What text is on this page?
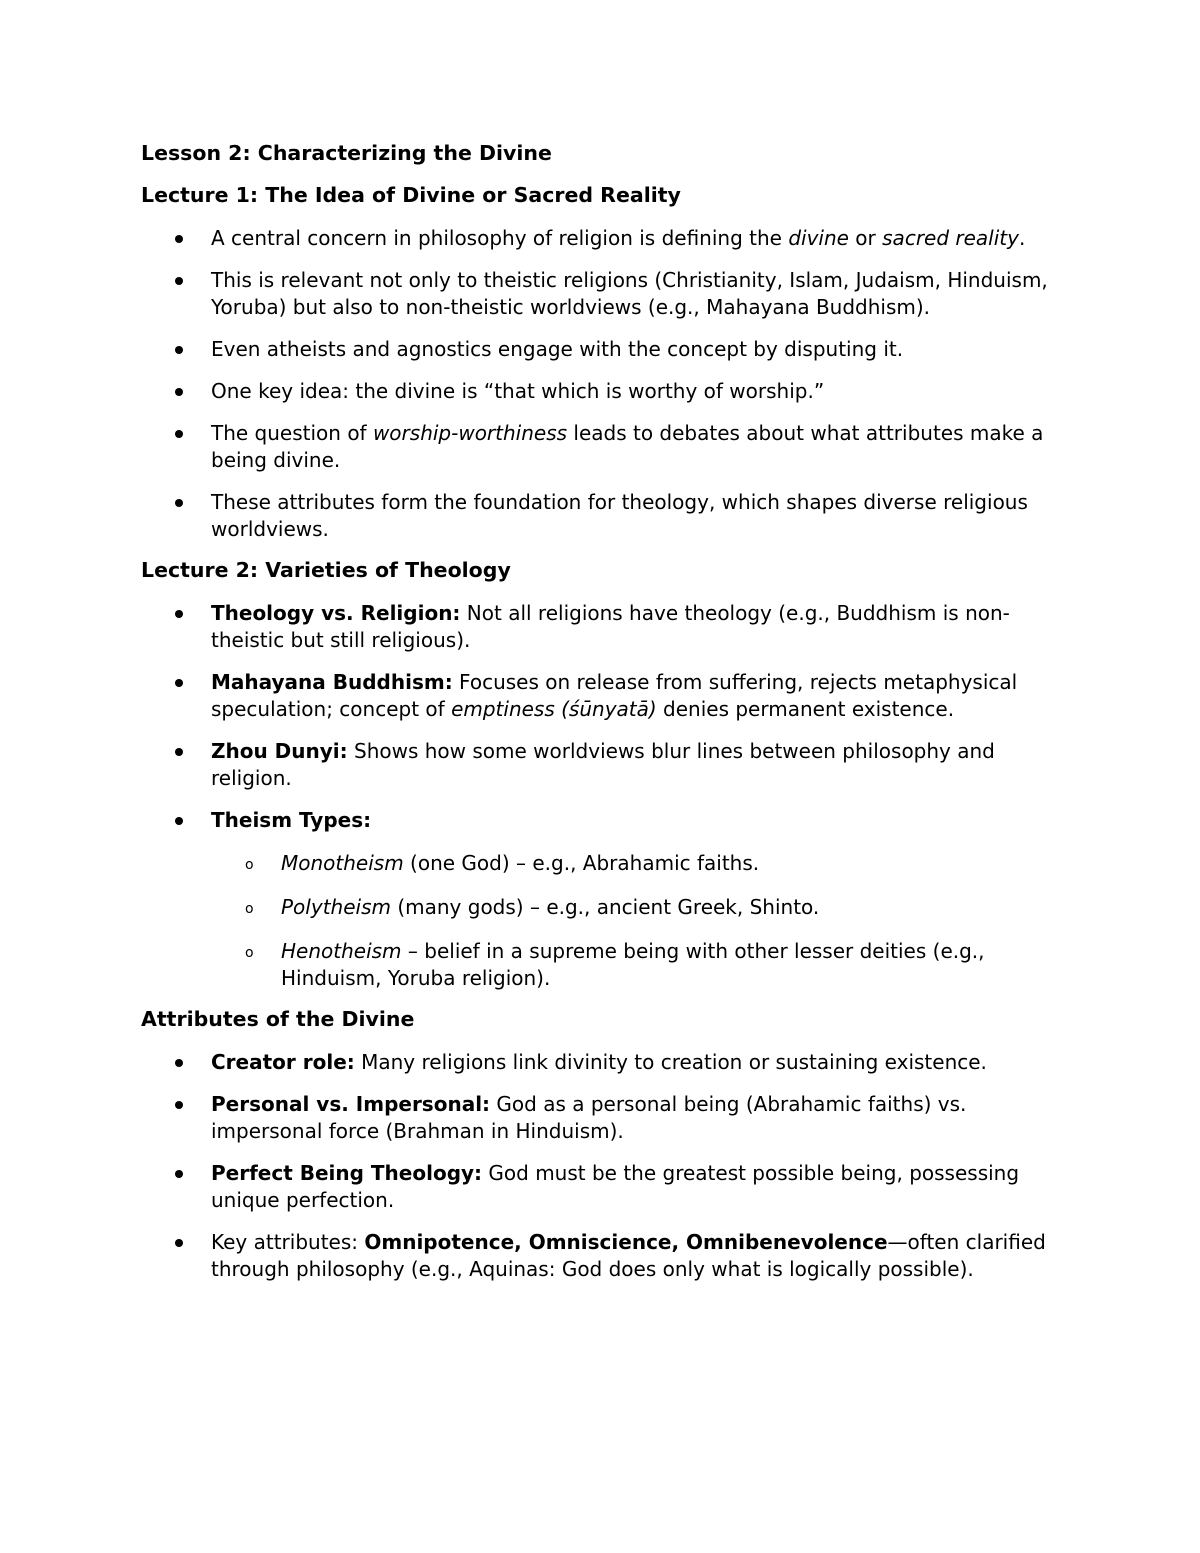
Lesson 2: Characterizing the Divine
Lecture 1: The Idea of Divine or Sacred Reality
A central concern in philosophy of religion is defining the divine or sacred reality.
This is relevant not only to theistic religions (Christianity, Islam, Judaism, Hinduism, Yoruba) but also to non-theistic worldviews (e.g., Mahayana Buddhism).
Even atheists and agnostics engage with the concept by disputing it.
One key idea: the divine is “that which is worthy of worship.”
The question of worship-worthiness leads to debates about what attributes make a being divine.
These attributes form the foundation for theology, which shapes diverse religious worldviews.
Lecture 2: Varieties of Theology
Theology vs. Religion: Not all religions have theology (e.g., Buddhism is non-theistic but still religious).
Mahayana Buddhism: Focuses on release from suffering, rejects metaphysical speculation; concept of emptiness (śūnyatā) denies permanent existence.
Zhou Dunyi: Shows how some worldviews blur lines between philosophy and religion.
Theism Types:
o Monotheism (one God) – e.g., Abrahamic faiths.
o Polytheism (many gods) – e.g., ancient Greek, Shinto.
o Henotheism – belief in a supreme being with other lesser deities (e.g., Hinduism, Yoruba religion).
Attributes of the Divine
Creator role: Many religions link divinity to creation or sustaining existence.
Personal vs. Impersonal: God as a personal being (Abrahamic faiths) vs. impersonal force (Brahman in Hinduism).
Perfect Being Theology: God must be the greatest possible being, possessing unique perfection.
Key attributes: Omnipotence, Omniscience, Omnibenevolence—often clarified through philosophy (e.g., Aquinas: God does only what is logically possible).
